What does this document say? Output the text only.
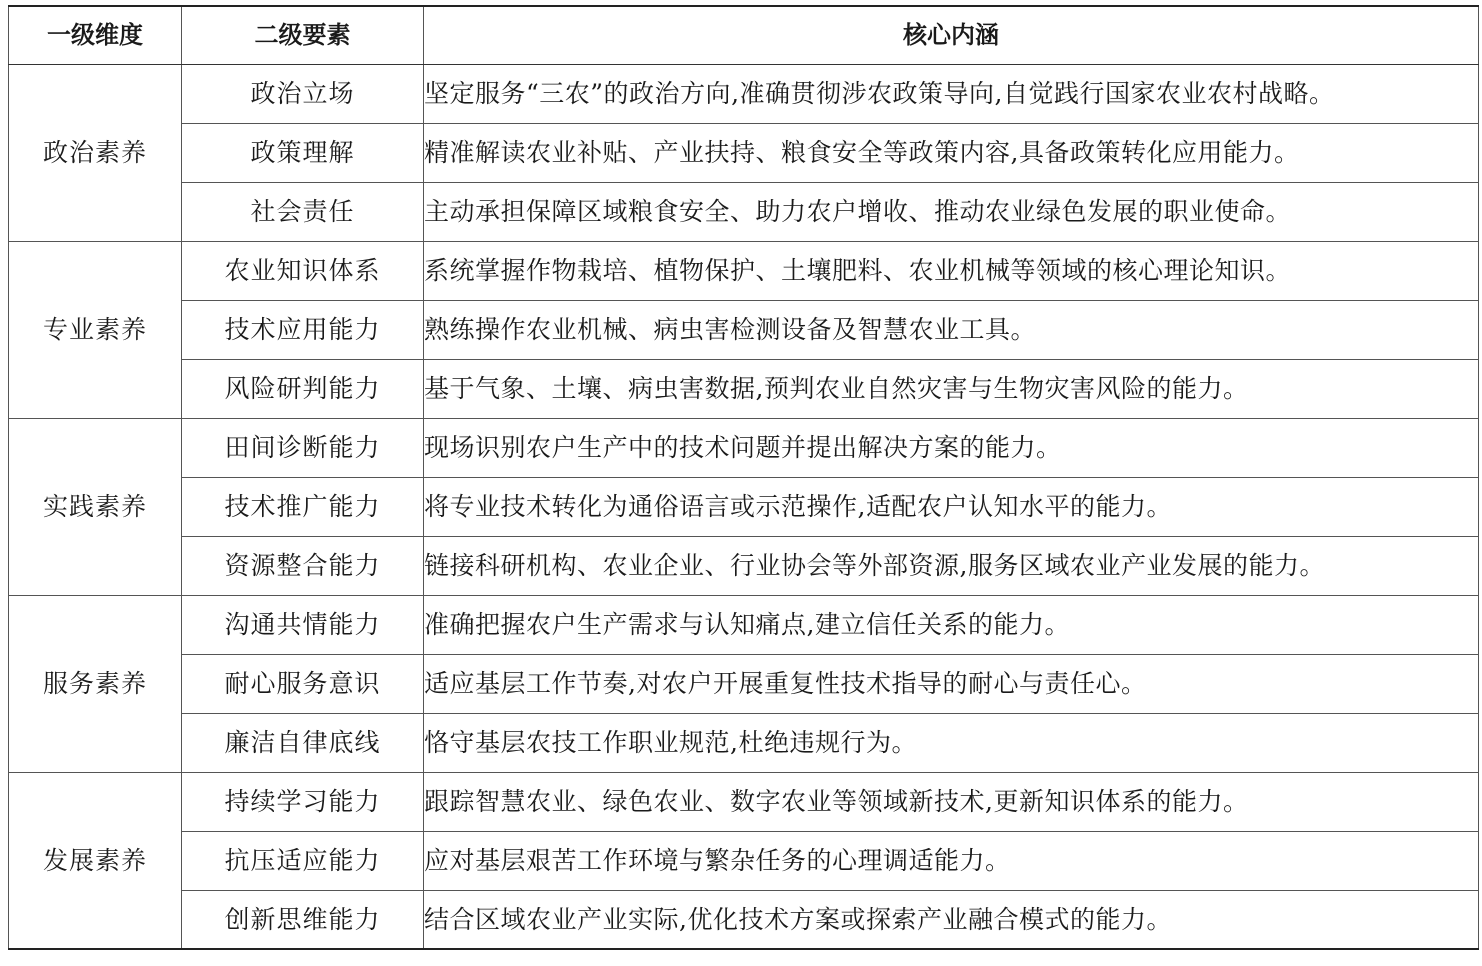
一级维度	二级要素	核心内涵
政治素养	政治立场	坚定服务“三农”的政治方向,准确贯彻涉农政策导向,自觉践行国家农业农村战略。
	政策理解	精准解读农业补贴、产业扶持、粮食安全等政策内容,具备政策转化应用能力。
	社会责任	主动承担保障区域粮食安全、助力农户增收、推动农业绿色发展的职业使命。
专业素养	农业知识体系	系统掌握作物栽培、植物保护、土壤肥料、农业机械等领域的核心理论知识。
	技术应用能力	熟练操作农业机械、病虫害检测设备及智慧农业工具。
	风险研判能力	基于气象、土壤、病虫害数据,预判农业自然灾害与生物灾害风险的能力。
实践素养	田间诊断能力	现场识别农户生产中的技术问题并提出解决方案的能力。
	技术推广能力	将专业技术转化为通俗语言或示范操作,适配农户认知水平的能力。
	资源整合能力	链接科研机构、农业企业、行业协会等外部资源,服务区域农业产业发展的能力。
服务素养	沟通共情能力	准确把握农户生产需求与认知痛点,建立信任关系的能力。
	耐心服务意识	适应基层工作节奏,对农户开展重复性技术指导的耐心与责任心。
	廉洁自律底线	恪守基层农技工作职业规范,杜绝违规行为。
发展素养	持续学习能力	跟踪智慧农业、绿色农业、数字农业等领域新技术,更新知识体系的能力。
	抗压适应能力	应对基层艰苦工作环境与繁杂任务的心理调适能力。
	创新思维能力	结合区域农业产业实际,优化技术方案或探索产业融合模式的能力。
